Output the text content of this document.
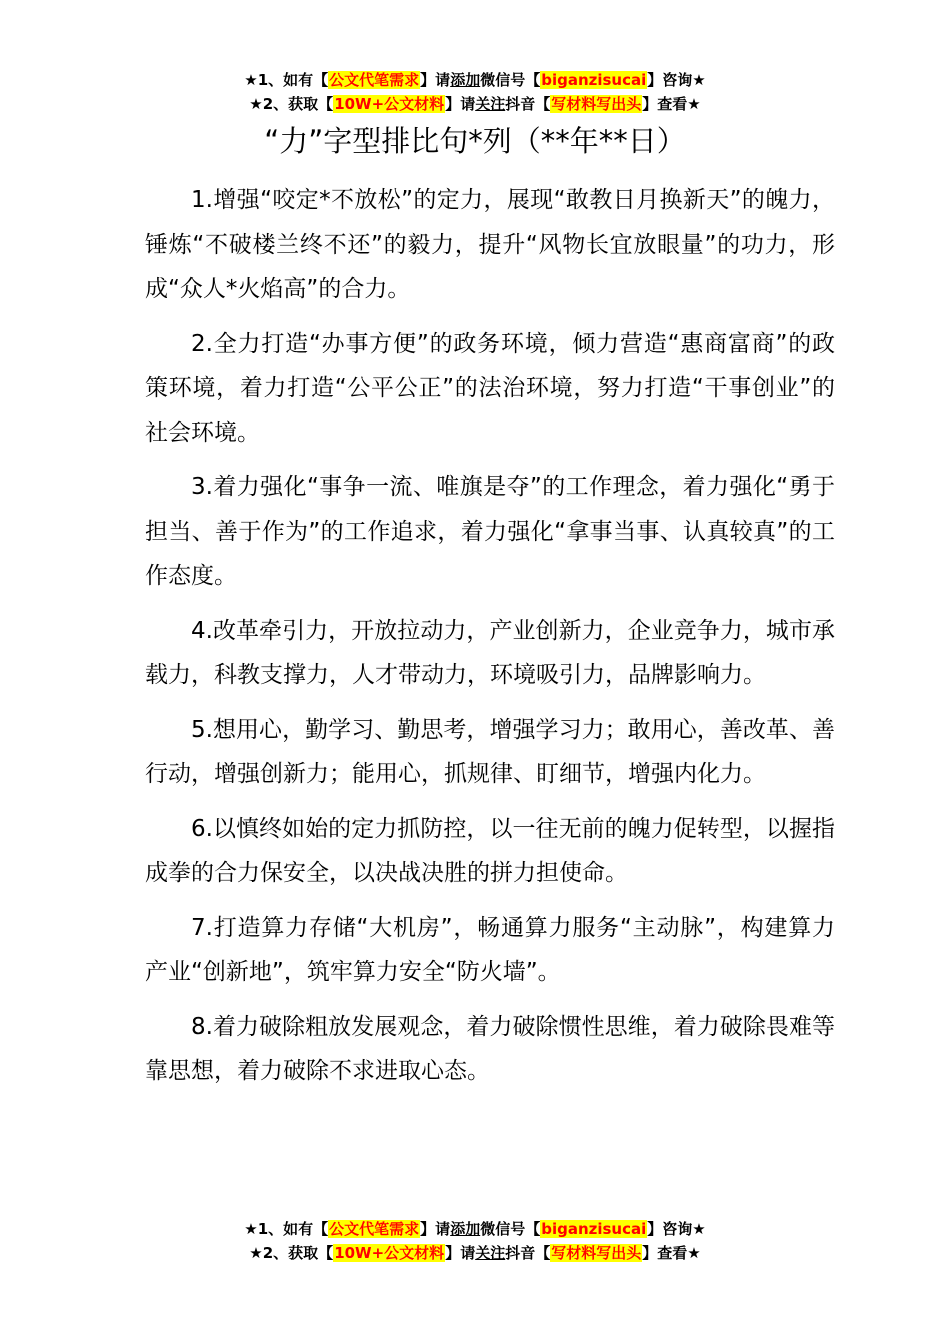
★1、如有【公文代笔需求】请添加微信号【biganzisucai】咨询★
★2、获取【10W+公文材料】请关注抖音【写材料写出头】查看★
“力”字型排比句*列（**年**日）

1.增强“咬定*不放松”的定力，展现“敢教日月换新天”的魄力，锤炼“不破楼兰终不还”的毅力，提升“风物长宜放眼量”的功力，形成“众人*火焰高”的合力。

2.全力打造“办事方便”的政务环境，倾力营造“惠商富商”的政策环境，着力打造“公平公正”的法治环境，努力打造“干事创业”的社会环境。

3.着力强化“事争一流、唯旗是夺”的工作理念，着力强化“勇于担当、善于作为”的工作追求，着力强化“拿事当事、认真较真”的工作态度。

4.改革牵引力，开放拉动力，产业创新力，企业竞争力，城市承载力，科教支撑力，人才带动力，环境吸引力，品牌影响力。

5.想用心，勤学习、勤思考，增强学习力；敢用心，善改革、善行动，增强创新力；能用心，抓规律、盯细节，增强内化力。

6.以慎终如始的定力抓防控，以一往无前的魄力促转型，以握指成拳的合力保安全，以决战决胜的拼力担使命。

7.打造算力存储“大机房”，畅通算力服务“主动脉”，构建算力产业“创新地”，筑牢算力安全“防火墙”。

8.着力破除粗放发展观念，着力破除惯性思维，着力破除畏难等靠思想，着力破除不求进取心态。

★1、如有【公文代笔需求】请添加微信号【biganzisucai】咨询★
★2、获取【10W+公文材料】请关注抖音【写材料写出头】查看★
